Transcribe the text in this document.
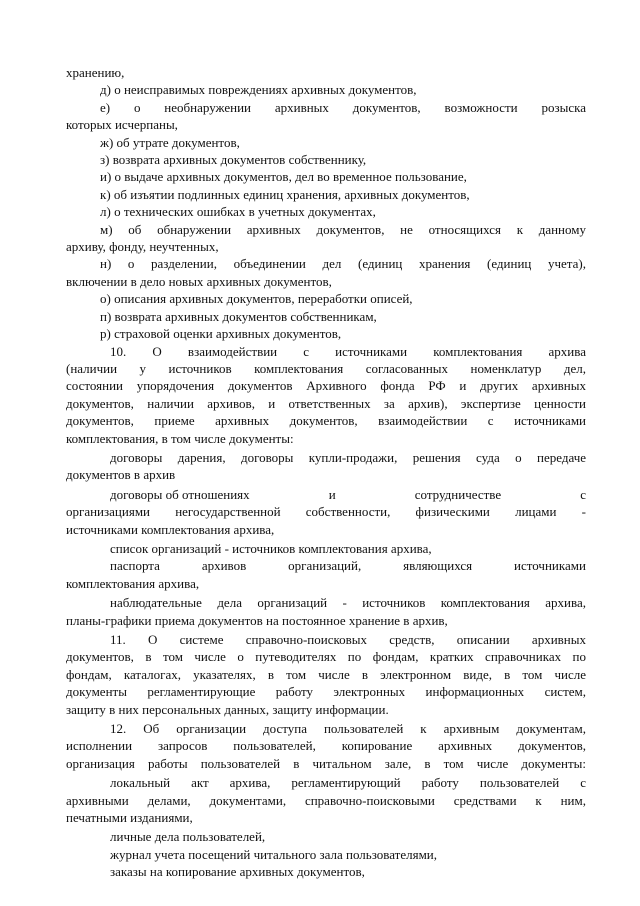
хранению,
д) о неисправимых повреждениях архивных документов,
е) о необнаружении архивных документов, возможности розыска
которых исчерпаны,
ж) об утрате документов,
з) возврата архивных документов собственнику,
и) о выдаче архивных документов, дел во временное пользование,
к) об изъятии подлинных единиц хранения, архивных документов,
л) о технических ошибках в учетных документах,
м) об обнаружении архивных документов, не относящихся к данному
архиву, фонду, неучтенных,
н) о разделении, объединении дел (единиц хранения (единиц учета),
включении в дело новых архивных документов,
о) описания архивных документов, переработки описей,
п) возврата архивных документов собственникам,
р) страховой оценки архивных документов,
10. О взаимодействии с источниками комплектования архива
(наличии у источников комплектования согласованных номенклатур дел,
состоянии упорядочения документов Архивного фонда РФ и других архивных
документов, наличии архивов, и ответственных за архив), экспертизе ценности
документов, приеме архивных документов, взаимодействии с источниками
комплектования, в том числе документы:
договоры дарения, договоры купли-продажи, решения суда о передаче
документов в архив
договоры об отношениях	и	сотрудничестве	с
организациями негосударственной собственности, физическими лицами -
источниками комплектования архива,
список организаций - источников комплектования архива,
паспорта	архивов	организаций,	являющихся	источниками
комплектования архива,
наблюдательные дела организаций - источников комплектования архива,
планы-графики приема документов на постоянное хранение в архив,
11. О системе справочно-поисковых средств, описании архивных
документов, в том числе о путеводителях по фондам, кратких справочниках по
фондам, каталогах, указателях, в том числе в электронном виде, в том числе
документы регламентирующие работу электронных информационных систем,
защиту в них персональных данных, защиту информации.
12. Об организации доступа пользователей к архивным документам,
исполнении запросов пользователей, копирование архивных документов,
организация работы пользователей в читальном зале, в том числе документы:
локальный акт архива, регламентирующий работу пользователей с
архивными делами, документами, справочно-поисковыми средствами к ним,
печатными изданиями,
личные дела пользователей,
журнал учета посещений читального зала пользователями,
заказы на копирование архивных документов,
